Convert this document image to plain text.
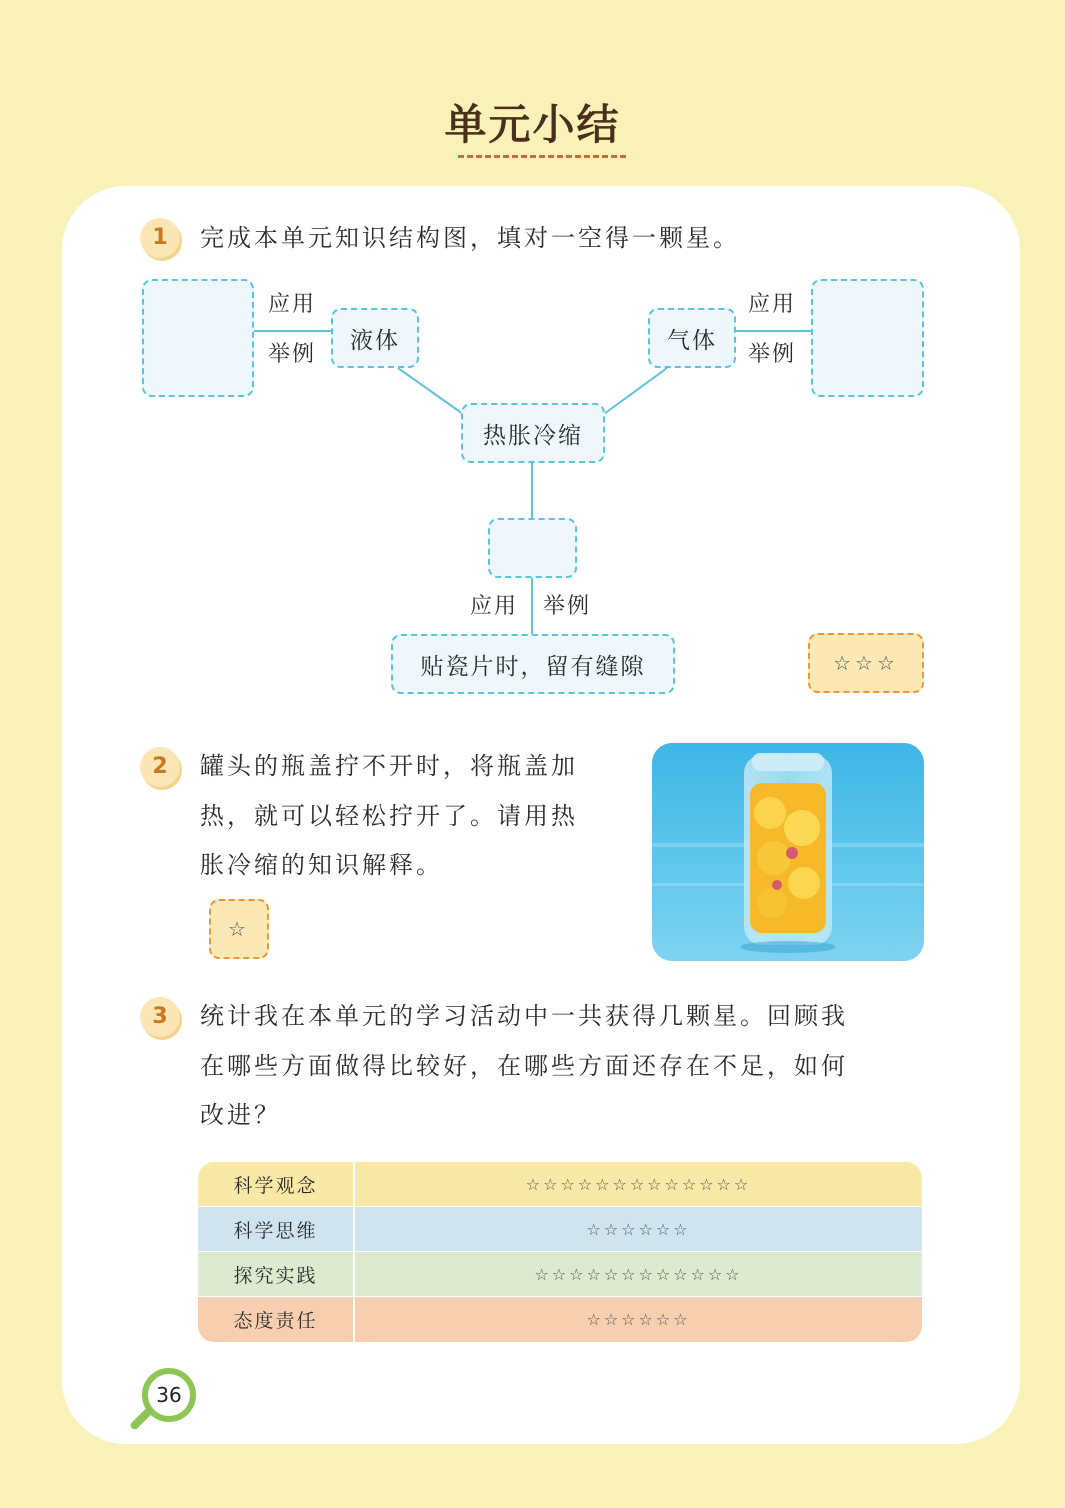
单元小结
1	完成本单元知识结构图，填对一空得一颗星。
应用
举例
液体	气体
应用
举例
热胀冷缩
应用 举例
贴瓷片时，留有缝隙	☆☆☆
2	罐头的瓶盖拧不开时，将瓶盖加
热，就可以轻松拧开了。请用热
胀冷缩的知识解释。
☆
3	统计我在本单元的学习活动中一共获得几颗星。回顾我
在哪些方面做得比较好，在哪些方面还存在不足，如何
改进？
科学观念	☆☆☆☆☆☆☆☆☆☆☆☆☆
科学思维	☆☆☆☆☆☆
探究实践	☆☆☆☆☆☆☆☆☆☆☆☆
态度责任	☆☆☆☆☆☆
36
